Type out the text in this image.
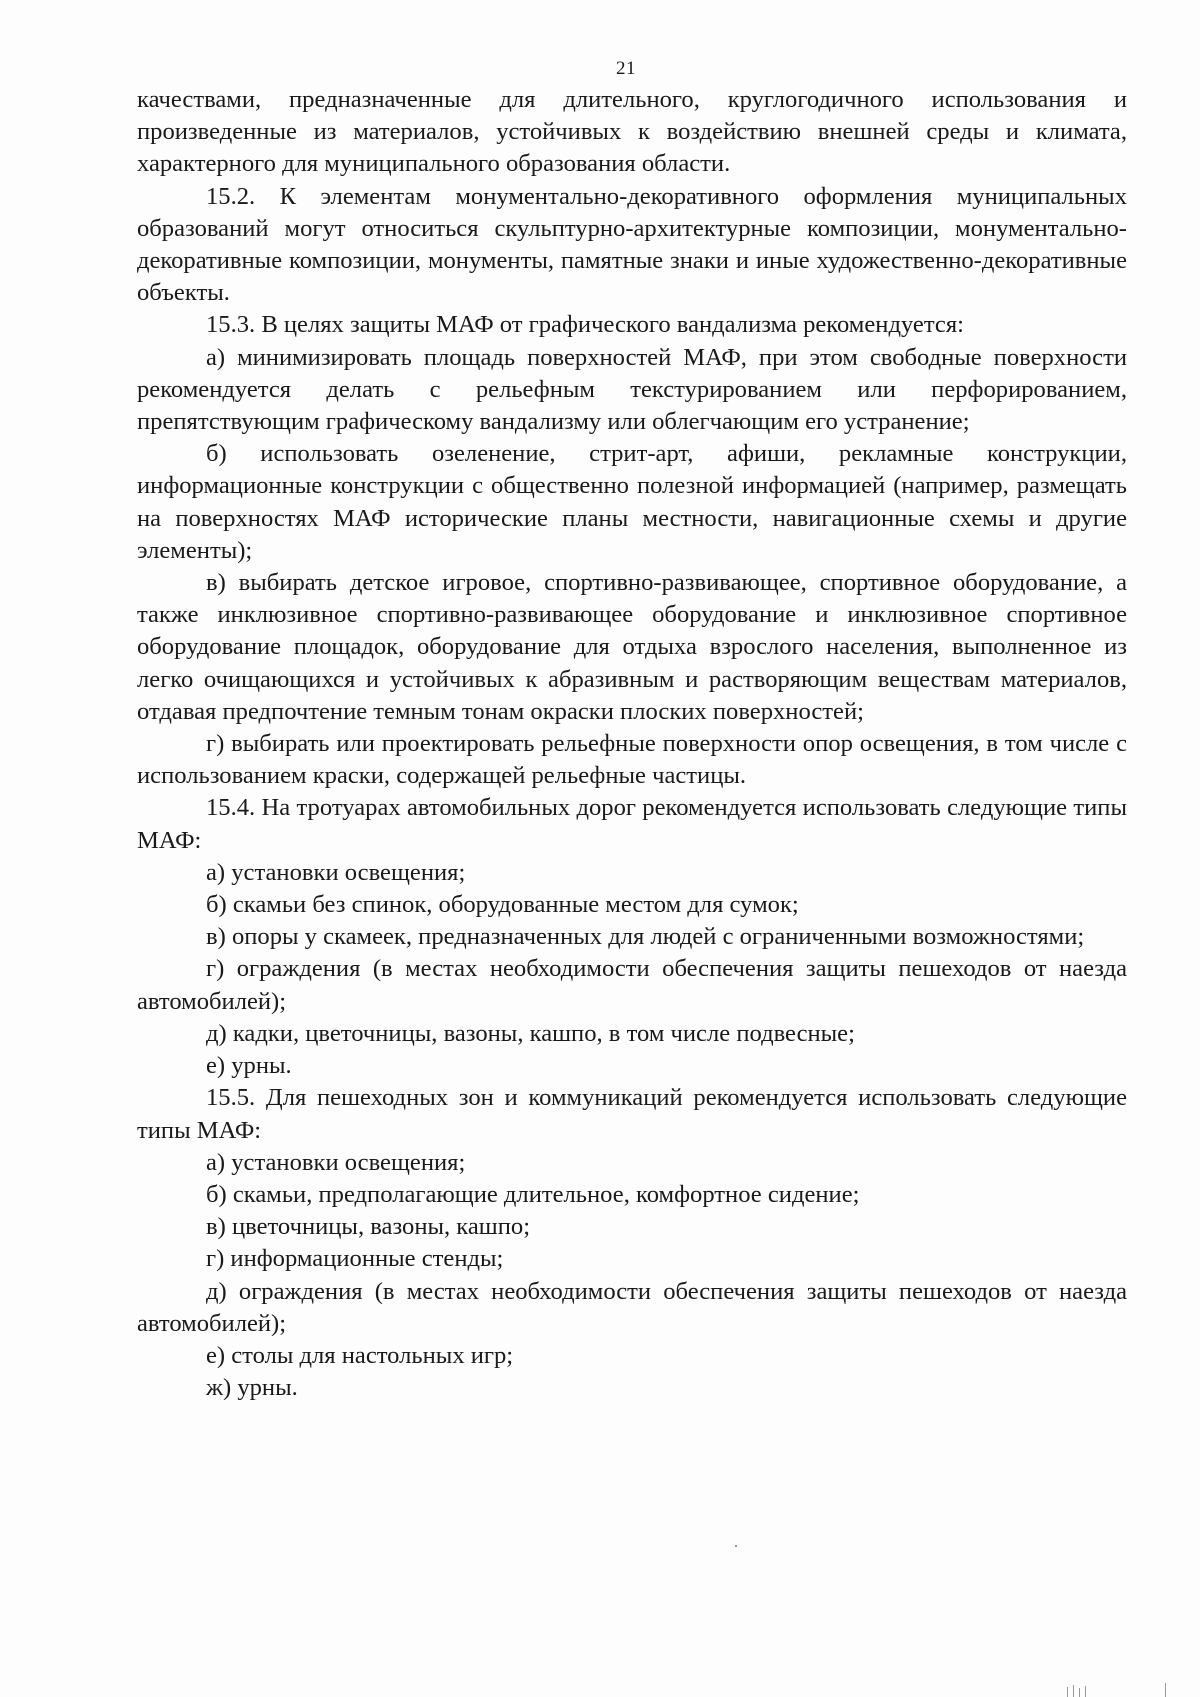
21

качествами, предназначенные для длительного, круглогодичного использования и произведенные из материалов, устойчивых к воздействию внешней среды и климата, характерного для муниципального образования области.

15.2. К элементам монументально-декоративного оформления муниципальных образований могут относиться скульптурно-архитектурные композиции, монументально-декоративные композиции, монументы, памятные знаки и иные художественно-декоративные объекты.

15.3. В целях защиты МАФ от графического вандализма рекомендуется:

а) минимизировать площадь поверхностей МАФ, при этом свободные поверхности рекомендуется делать с рельефным текстурированием или перфорированием, препятствующим графическому вандализму или облегчающим его устранение;

б) использовать озеленение, стрит-арт, афиши, рекламные конструкции, информационные конструкции с общественно полезной информацией (например, размещать на поверхностях МАФ исторические планы местности, навигационные схемы и другие элементы);

в) выбирать детское игровое, спортивно-развивающее, спортивное оборудование, а также инклюзивное спортивно-развивающее оборудование и инклюзивное спортивное оборудование площадок, оборудование для отдыха взрослого населения, выполненное из легко очищающихся и устойчивых к абразивным и растворяющим веществам материалов, отдавая предпочтение темным тонам окраски плоских поверхностей;

г) выбирать или проектировать рельефные поверхности опор освещения, в том числе с использованием краски, содержащей рельефные частицы.

15.4. На тротуарах автомобильных дорог рекомендуется использовать следующие типы МАФ:

а) установки освещения;

б) скамьи без спинок, оборудованные местом для сумок;

в) опоры у скамеек, предназначенных для людей с ограниченными возможностями;

г) ограждения (в местах необходимости обеспечения защиты пешеходов от наезда автомобилей);

д) кадки, цветочницы, вазоны, кашпо, в том числе подвесные;

е) урны.

15.5. Для пешеходных зон и коммуникаций рекомендуется использовать следующие типы МАФ:

а) установки освещения;

б) скамьи, предполагающие длительное, комфортное сидение;

в) цветочницы, вазоны, кашпо;

г) информационные стенды;

д) ограждения (в местах необходимости обеспечения защиты пешеходов от наезда автомобилей);

е) столы для настольных игр;

ж) урны.
